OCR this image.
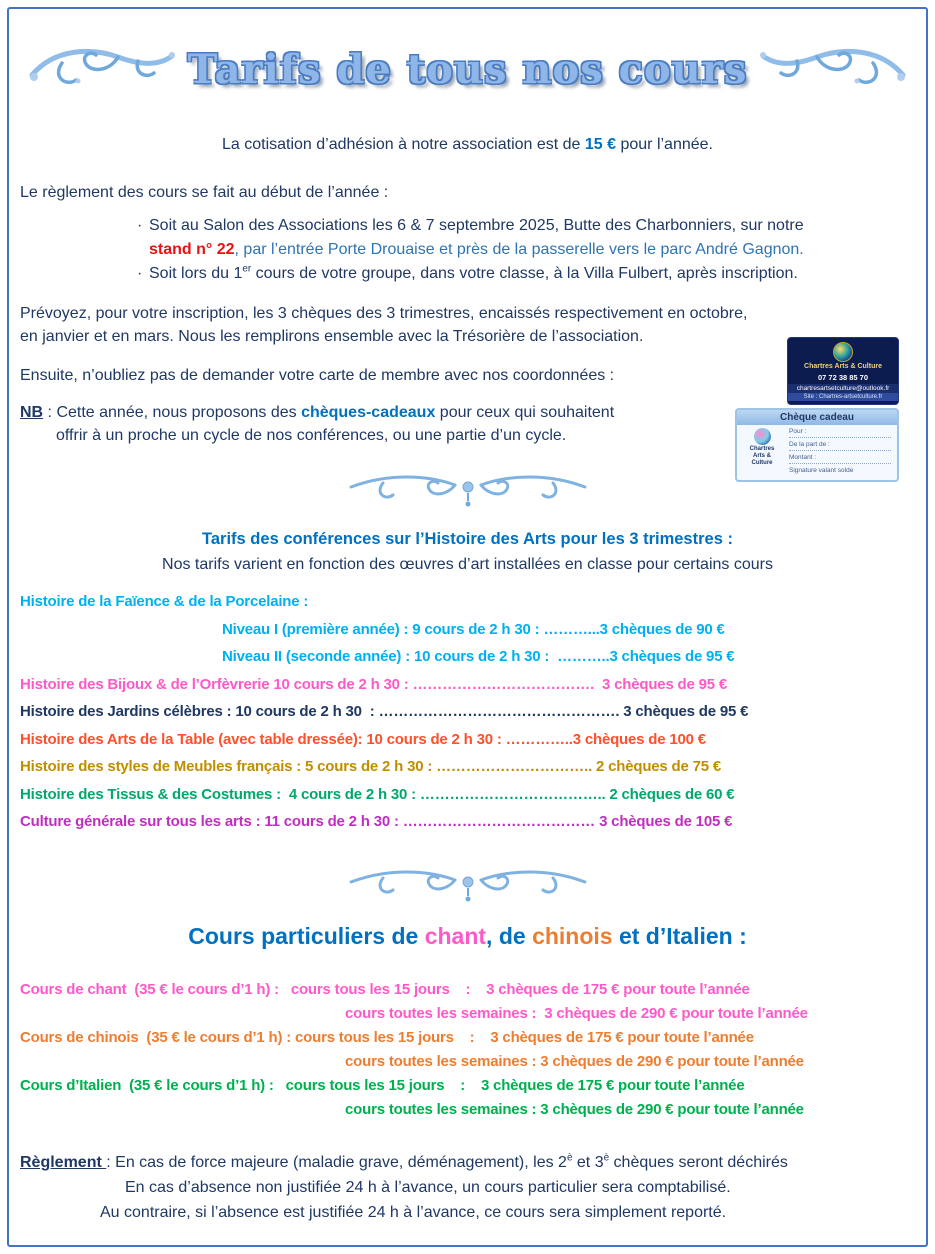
Tarifs de tous nos cours
La cotisation d’adhésion à notre association est de 15 € pour l’année.
Le règlement des cours se fait au début de l’année :
· Soit au Salon des Associations les 6 & 7 septembre 2025, Butte des Charbonniers, sur notre
stand n° 22, par l’entrée Porte Drouaise et près de la passerelle vers le parc André Gagnon.
· Soit lors du 1er cours de votre groupe, dans votre classe, à la Villa Fulbert, après inscription.
Prévoyez, pour votre inscription, les 3 chèques des 3 trimestres, encaissés respectivement en octobre,
en janvier et en mars. Nous les remplirons ensemble avec la Trésorière de l’association.
Ensuite, n’oubliez pas de demander votre carte de membre avec nos coordonnées :
NB : Cette année, nous proposons des chèques-cadeaux pour ceux qui souhaitent
offrir à un proche un cycle de nos conférences, ou une partie d’un cycle.
Tarifs des conférences sur l’Histoire des Arts pour les 3 trimestres :
Nos tarifs varient en fonction des œuvres d’art installées en classe pour certains cours
Histoire de la Faïence & de la Porcelaine :
Niveau I (première année) : 9 cours de 2 h 30 : ………...3 chèques de 90 €
Niveau II (seconde année) : 10 cours de 2 h 30 :  ………..3 chèques de 95 €
Histoire des Bijoux & de l’Orfèvrerie 10 cours de 2 h 30 : ……………………………….  3 chèques de 95 €
Histoire des Jardins célèbres : 10 cours de 2 h 30  : …………………………………………. 3 chèques de 95 €
Histoire des Arts de la Table (avec table dressée): 10 cours de 2 h 30 : …………..3 chèques de 100 €
Histoire des styles de Meubles français : 5 cours de 2 h 30 : ………………………….. 2 chèques de 75 €
Histoire des Tissus & des Costumes :  4 cours de 2 h 30 : ……………………………….. 2 chèques de 60 €
Culture générale sur tous les arts : 11 cours de 2 h 30 : ………………………………… 3 chèques de 105 €
Cours particuliers de chant, de chinois et d’Italien :
Cours de chant  (35 € le cours d’1 h) :   cours tous les 15 jours    :    3 chèques de 175 € pour toute l’année
cours toutes les semaines :  3 chèques de 290 € pour toute l’année
Cours de chinois  (35 € le cours d’1 h) : cours tous les 15 jours    :    3 chèques de 175 € pour toute l’année
cours toutes les semaines : 3 chèques de 290 € pour toute l’année
Cours d’Italien  (35 € le cours d’1 h) :   cours tous les 15 jours    :    3 chèques de 175 € pour toute l’année
cours toutes les semaines : 3 chèques de 290 € pour toute l’année
Règlement : En cas de force majeure (maladie grave, déménagement), les $2^è$ et $3^è$ chèques seront déchirés
En cas d’absence non justifiée 24 h à l’avance, un cours particulier sera comptabilisé.
Au contraire, si l’absence est justifiée 24 h à l’avance, ce cours sera simplement reporté.
Chartres Arts & Culture
07 72 38 85 70
chartresartsetculture@outlook.fr
Site : Chartres-artsetculture.fr
Chèque cadeau
Chartres
Arts & Culture
Pour :
De la part de :
Montant :
Signature valant solde
